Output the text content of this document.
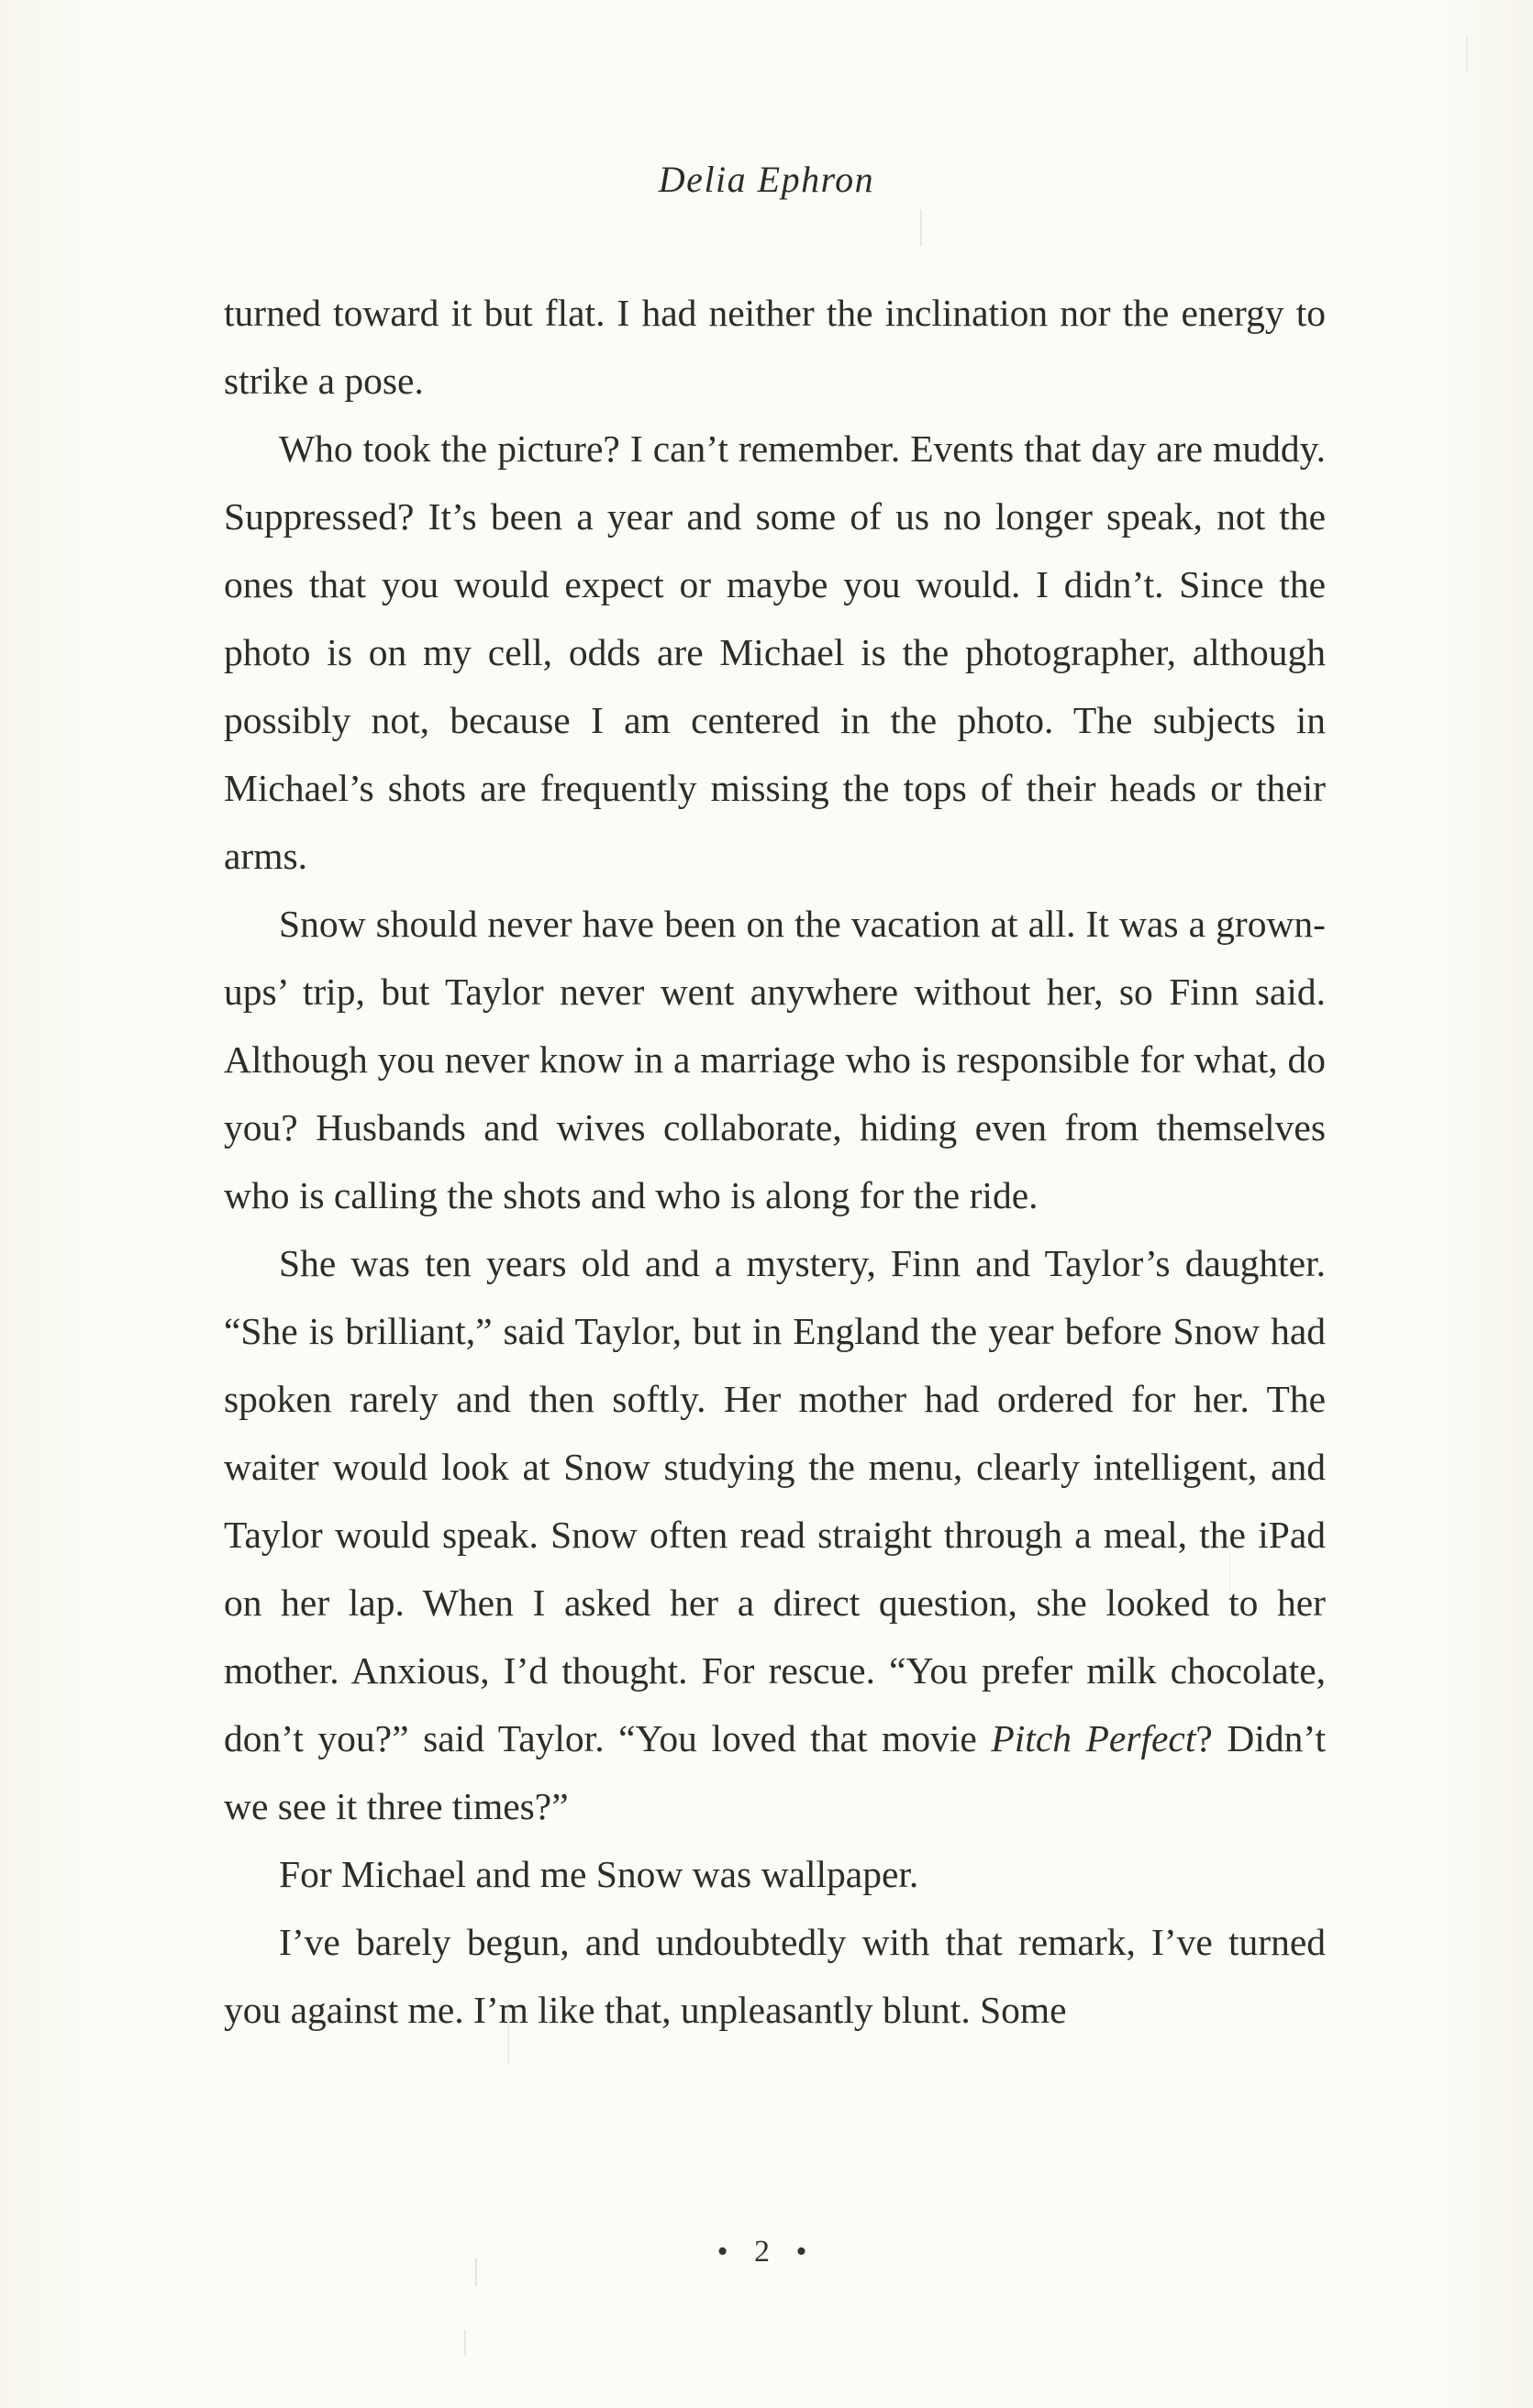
Delia Ephron

turned toward it but flat. I had neither the inclination nor the energy to strike a pose.

Who took the picture? I can’t remember. Events that day are muddy. Suppressed? It’s been a year and some of us no longer speak, not the ones that you would expect or maybe you would. I didn’t. Since the photo is on my cell, odds are Michael is the photographer, although possibly not, because I am centered in the photo. The subjects in Michael’s shots are frequently missing the tops of their heads or their arms.

Snow should never have been on the vacation at all. It was a grown-ups’ trip, but Taylor never went anywhere without her, so Finn said. Although you never know in a marriage who is responsible for what, do you? Husbands and wives collaborate, hiding even from themselves who is calling the shots and who is along for the ride.

She was ten years old and a mystery, Finn and Taylor’s daughter. “She is brilliant,” said Taylor, but in England the year before Snow had spoken rarely and then softly. Her mother had ordered for her. The waiter would look at Snow studying the menu, clearly intelligent, and Taylor would speak. Snow often read straight through a meal, the iPad on her lap. When I asked her a direct question, she looked to her mother. Anxious, I’d thought. For rescue. “You prefer milk chocolate, don’t you?” said Taylor. “You loved that movie Pitch Perfect? Didn’t we see it three times?”

For Michael and me Snow was wallpaper.

I’ve barely begun, and undoubtedly with that remark, I’ve turned you against me. I’m like that, unpleasantly blunt. Some

• 2 •
